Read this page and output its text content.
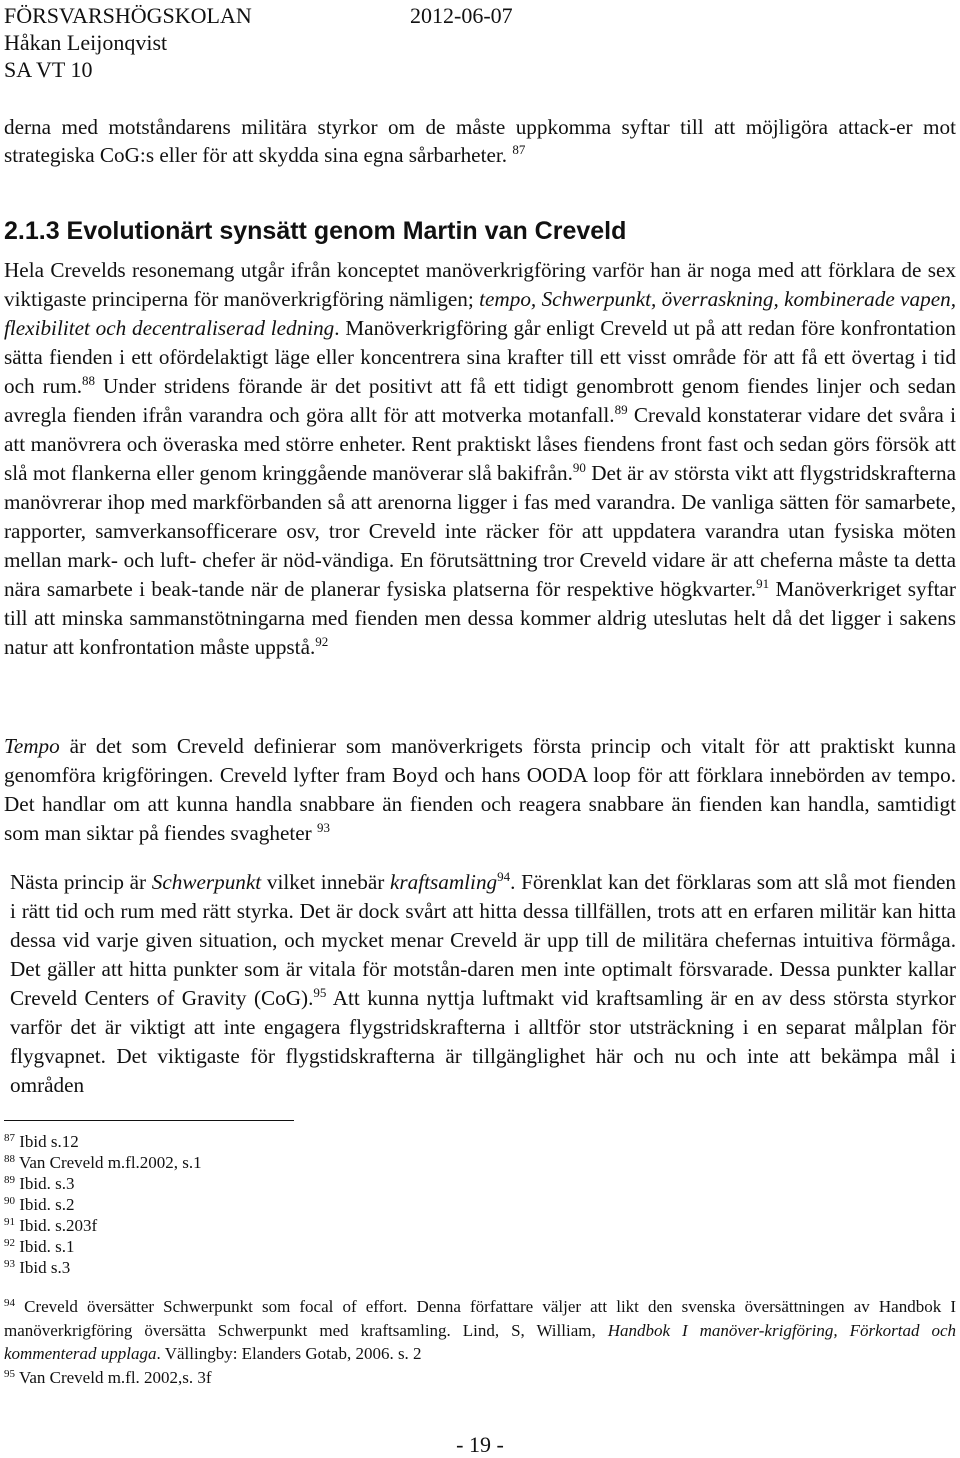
FÖRSVARSHÖGSKOLAN	2012-06-07
Håkan Leijonqvist
SA VT 10

derna med motståndarens militära styrkor om de måste uppkomma syftar till att möjligöra attack-er mot strategiska CoG:s eller för att skydda sina egna sårbarheter. $^{87}$

2.1.3 Evolutionärt synsätt genom Martin van Creveld

Hela Crevelds resonemang utgår ifrån konceptet manöverkrigföring varför han är noga med att förklara de sex viktigaste principerna för manöverkrigföring nämligen; tempo, Schwerpunkt, överraskning, kombinerade vapen, flexibilitet och decentraliserad ledning. Manöverkrigföring går enligt Creveld ut på att redan före konfrontation sätta fienden i ett ofördelaktigt läge eller koncentrera sina krafter till ett visst område för att få ett övertag i tid och rum.$^{88}$ Under stridens förande är det positivt att få ett tidigt genombrott genom fiendes linjer och sedan avregla fienden ifrån varandra och göra allt för att motverka motanfall.$^{89}$ Crevald konstaterar vidare det svåra i att manövrera och överaska med större enheter. Rent praktiskt låses fiendens front fast och sedan görs försök att slå mot flankerna eller genom kringgående manöverar slå bakifrån.$^{90}$ Det är av största vikt att flygstridskrafterna manövrerar ihop med markförbanden så att arenorna ligger i fas med varandra. De vanliga sätten för samarbete, rapporter, samverkansofficerare osv, tror Creveld inte räcker för att uppdatera varandra utan fysiska möten mellan mark- och luft- chefer är nöd-vändiga. En förutsättning tror Creveld vidare är att cheferna måste ta detta nära samarbete i beak-tande när de planerar fysiska platserna för respektive högkvarter.$^{91}$ Manöverkriget syftar till att minska sammanstötningarna med fienden men dessa kommer aldrig uteslutas helt då det ligger i sakens natur att konfrontation måste uppstå.$^{92}$

Tempo är det som Creveld definierar som manöverkrigets första princip och vitalt för att praktiskt kunna genomföra krigföringen. Creveld lyfter fram Boyd och hans OODA loop för att förklara innebörden av tempo. Det handlar om att kunna handla snabbare än fienden och reagera snabbare än fienden kan handla, samtidigt som man siktar på fiendes svagheter $^{93}$

Nästa princip är Schwerpunkt vilket innebär kraftsamling$^{94}$. Förenklat kan det förklaras som att slå mot fienden i rätt tid och rum med rätt styrka. Det är dock svårt att hitta dessa tillfällen, trots att en erfaren militär kan hitta dessa vid varje given situation, och mycket menar Creveld är upp till de militära chefernas intuitiva förmåga. Det gäller att hitta punkter som är vitala för motstån-daren men inte optimalt försvarade. Dessa punkter kallar Creveld Centers of Gravity (CoG).$^{95}$ Att kunna nyttja luftmakt vid kraftsamling är en av dess största styrkor varför det är viktigt att inte engagera flygstridskrafterna i alltför stor utsträckning i en separat målplan för flygvapnet. Det viktigaste för flygstidskrafterna är tillgänglighet här och nu och inte att bekämpa mål i områden

$^{87}$ Ibid s.12
$^{88}$ Van Creveld m.fl.2002, s.1
$^{89}$ Ibid. s.3
$^{90}$ Ibid. s.2
$^{91}$ Ibid. s.203f
$^{92}$ Ibid. s.1
$^{93}$ Ibid s.3
$^{94}$ Creveld översätter Schwerpunkt som focal of effort. Denna författare väljer att likt den svenska översättningen av Handbok I manöverkrigföring översätta Schwerpunkt med kraftsamling. Lind, S, William, Handbok I manöver-krigföring, Förkortad och kommenterad upplaga. Vällingby: Elanders Gotab, 2006. s. 2
$^{95}$ Van Creveld m.fl. 2002,s. 3f
- 19 -
